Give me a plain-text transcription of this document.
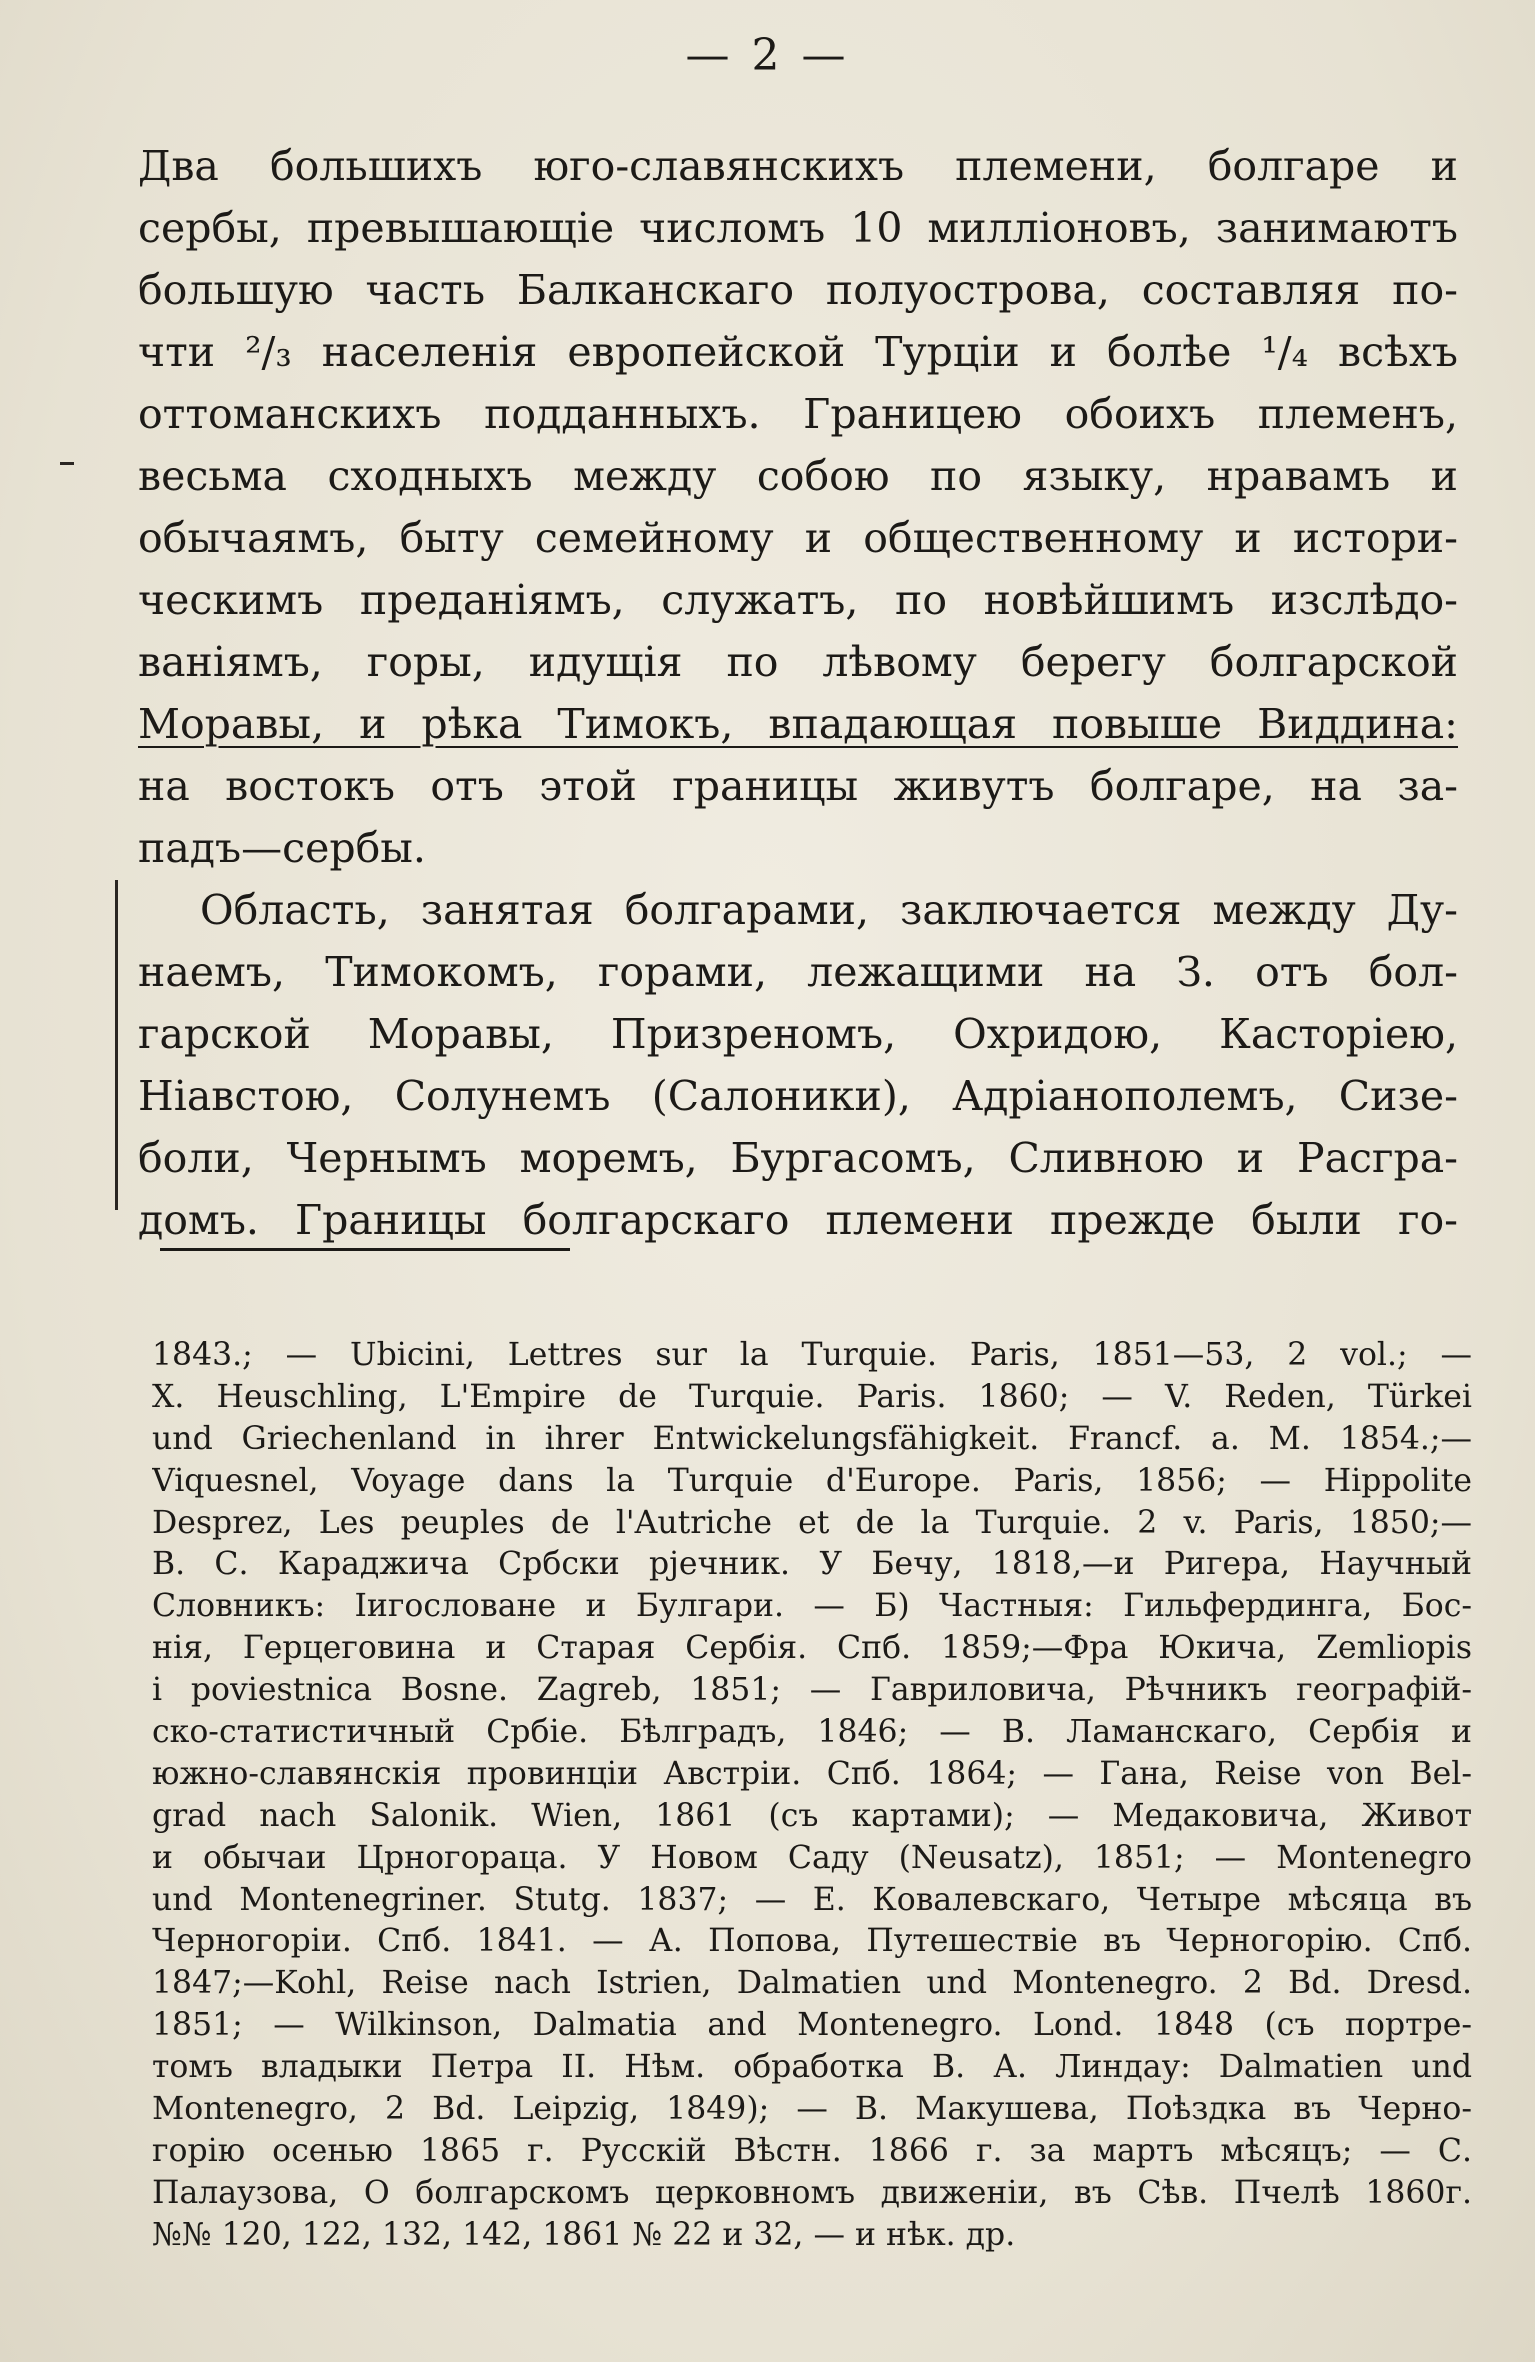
— 2 —
Два большихъ юго-славянскихъ племени, болгаре и
сербы, превышающіе числомъ 10 милліоновъ, занимаютъ
большую часть Балканскаго полуострова, составляя по-
чти ²/₃ населенія европейской Турціи и болѣе ¹/₄ всѣхъ
оттоманскихъ подданныхъ. Границею обоихъ племенъ,
весьма сходныхъ между собою по языку, нравамъ и
обычаямъ, быту семейному и общественному и истори-
ческимъ преданіямъ, служатъ, по новѣйшимъ изслѣдо-
ваніямъ, горы, идущія по лѣвому берегу болгарской
Моравы, и рѣка Тимокъ, впадающая повыше Виддина:
на востокъ отъ этой границы живутъ болгаре, на за-
падъ—сербы.
Область, занятая болгарами, заключается между Ду-
наемъ, Тимокомъ, горами, лежащими на З. отъ бол-
гарской Моравы, Призреномъ, Охридою, Касторіею,
Ніавстою, Солунемъ (Салоники), Адріанополемъ, Сизе-
боли, Чернымъ моремъ, Бургасомъ, Сливною и Расгра-
домъ. Границы болгарскаго племени прежде были го-
1843.; — Ubicini, Lettres sur la Turquie. Paris, 1851—53, 2 vol.; —
X. Heuschling, L'Empire de Turquie. Paris. 1860; — V. Reden, Türkei
und Griechenland in ihrer Entwickelungsfähigkeit. Francf. a. M. 1854.;—
Viquesnel, Voyage dans la Turquie d'Europe. Paris, 1856; — Hippolite
Desprez, Les peuples de l'Autriche et de la Turquie. 2 v. Paris, 1850;—
В. С. Караджича Србски рјечник. У Бечу, 1818,—и Ригера, Научный
Словникъ: Іигословане и Булгари. — Б) Частныя: Гильфердинга, Бос-
нія, Герцеговина и Старая Сербія. Спб. 1859;—Фра Юкича, Zemliopis
i poviestnica Bosne. Zagreb, 1851; — Гавриловича, Рѣчникъ географій-
ско-статистичный Србіе. Бѣлградъ, 1846; — В. Ламанскаго, Сербія и
южно-славянскія провинціи Австріи. Спб. 1864; — Гана, Reise von Bel-
grad nach Salonik. Wien, 1861 (съ картами); — Медаковича, Живот
и обычаи Црногораца. У Новом Саду (Neusatz), 1851; — Montenegro
und Montenegriner. Stutg. 1837; — Е. Ковалевскаго, Четыре мѣсяца въ
Черногоріи. Спб. 1841. — А. Попова, Путешествіе въ Черногорію. Спб.
1847;—Kohl, Reise nach Istrien, Dalmatien und Montenegro. 2 Bd. Dresd.
1851; — Wilkinson, Dalmatia and Montenegro. Lond. 1848 (съ портре-
томъ владыки Петра II. Нѣм. обработка В. А. Линдау: Dalmatien und
Montenegro, 2 Bd. Leipzig, 1849); — В. Макушева, Поѣздка въ Черно-
горію осенью 1865 г. Русскій Вѣстн. 1866 г. за мартъ мѣсяцъ; — С.
Палаузова, О болгарскомъ церковномъ движеніи, въ Сѣв. Пчелѣ 1860г.
№№ 120, 122, 132, 142, 1861 № 22 и 32, — и нѣк. др.
